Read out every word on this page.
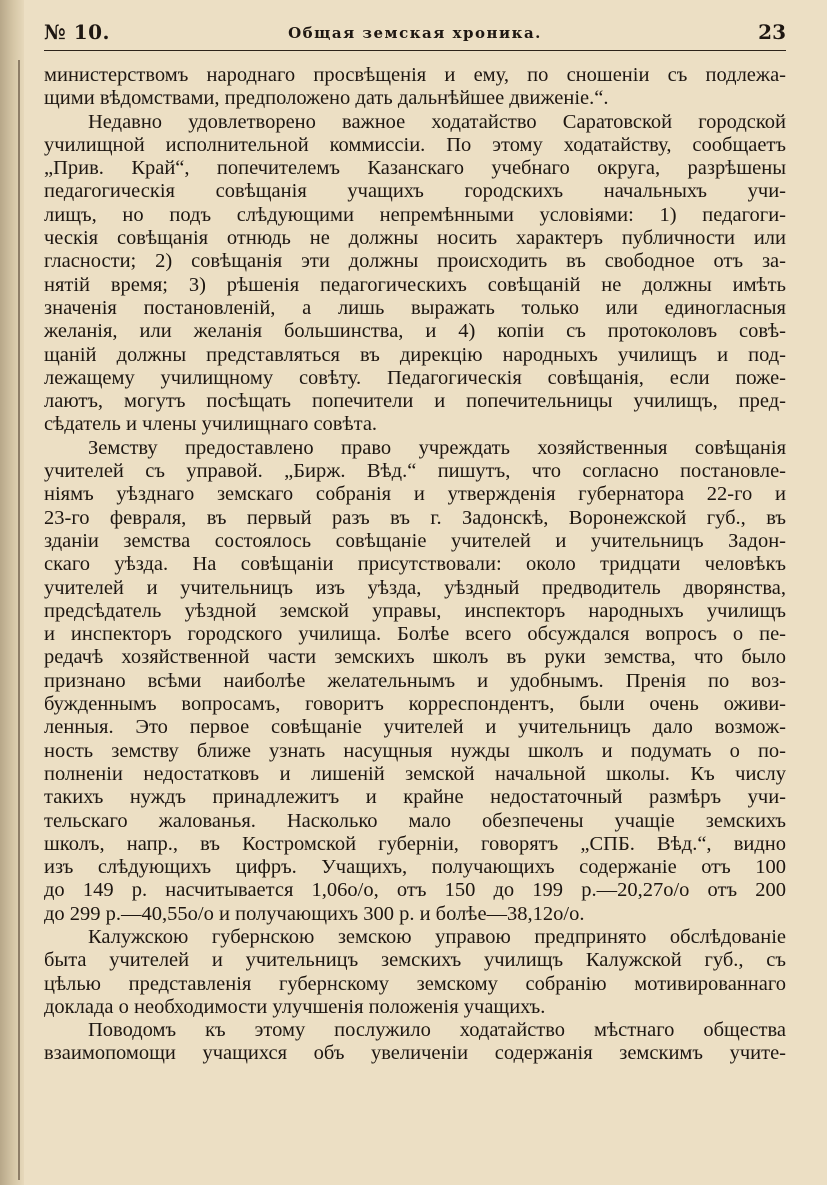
№ 10.	Общая земская хроника.	23
министерствомъ народнаго просвѣщенія и ему, по сношеніи съ подлежа-
щими вѣдомствами, предположено дать дальнѣйшее движеніе.“.
Недавно удовлетворено важное ходатайство Саратовской городской
училищной исполнительной коммиссіи. По этому ходатайству, сообщаетъ
„Прив. Край“, попечителемъ Казанскаго учебнаго округа, разрѣшены
педагогическія совѣщанія учащихъ городскихъ начальныхъ учи-
лищъ, но подъ слѣдующими непремѣнными условіями: 1) педагоги-
ческія совѣщанія отнюдь не должны носить характеръ публичности или
гласности; 2) совѣщанія эти должны происходить въ свободное отъ за-
нятій время; 3) рѣшенія педагогическихъ совѣщаній не должны имѣть
значенія постановленій, а лишь выражать только или единогласныя
желанія, или желанія большинства, и 4) копіи съ протоколовъ совѣ-
щаній должны представляться въ дирекцію народныхъ училищъ и под-
лежащему училищному совѣту. Педагогическія совѣщанія, если поже-
лаютъ, могутъ посѣщать попечители и попечительницы училищъ, пред-
сѣдатель и члены училищнаго совѣта.
Земству предоставлено право учреждать хозяйственныя совѣщанія
учителей съ управой. „Бирж. Вѣд.“ пишутъ, что согласно постановле-
ніямъ уѣзднаго земскаго собранія и утвержденія губернатора 22-го и
23-го февраля, въ первый разъ въ г. Задонскѣ, Воронежской губ., въ
зданіи земства состоялось совѣщаніе учителей и учительницъ Задон-
скаго уѣзда. На совѣщаніи присутствовали: около тридцати человѣкъ
учителей и учительницъ изъ уѣзда, уѣздный предводитель дворянства,
предсѣдатель уѣздной земской управы, инспекторъ народныхъ училищъ
и инспекторъ городского училища. Болѣе всего обсуждался вопросъ о пе-
редачѣ хозяйственной части земскихъ школъ въ руки земства, что было
признано всѣми наиболѣе желательнымъ и удобнымъ. Пренія по воз-
бужденнымъ вопросамъ, говоритъ корреспондентъ, были очень оживи-
ленныя. Это первое совѣщаніе учителей и учительницъ дало возмож-
ность земству ближе узнать насущныя нужды школъ и подумать о по-
полненіи недостатковъ и лишеній земской начальной школы. Къ числу
такихъ нуждъ принадлежитъ и крайне недостаточный размѣръ учи-
тельскаго жалованья. Насколько мало обезпечены учащіе земскихъ
школъ, напр., въ Костромской губерніи, говорятъ „СПБ. Вѣд.“, видно
изъ слѣдующихъ цифръ. Учащихъ, получающихъ содержаніе отъ 100
до 149 р. насчитывается 1,06о/о, отъ 150 до 199 р.—20,27о/о отъ 200
до 299 р.—40,55о/о и получающихъ 300 р. и болѣе—38,12о/о.
Калужскою губернскою земскою управою предпринято обслѣдованіе
быта учителей и учительницъ земскихъ училищъ Калужской губ., съ
цѣлью представленія губернскому земскому собранію мотивированнаго
доклада о необходимости улучшенія положенія учащихъ.
Поводомъ къ этому послужило ходатайство мѣстнаго общества
взаимопомощи учащихся объ увеличеніи содержанія земскимъ учите-
